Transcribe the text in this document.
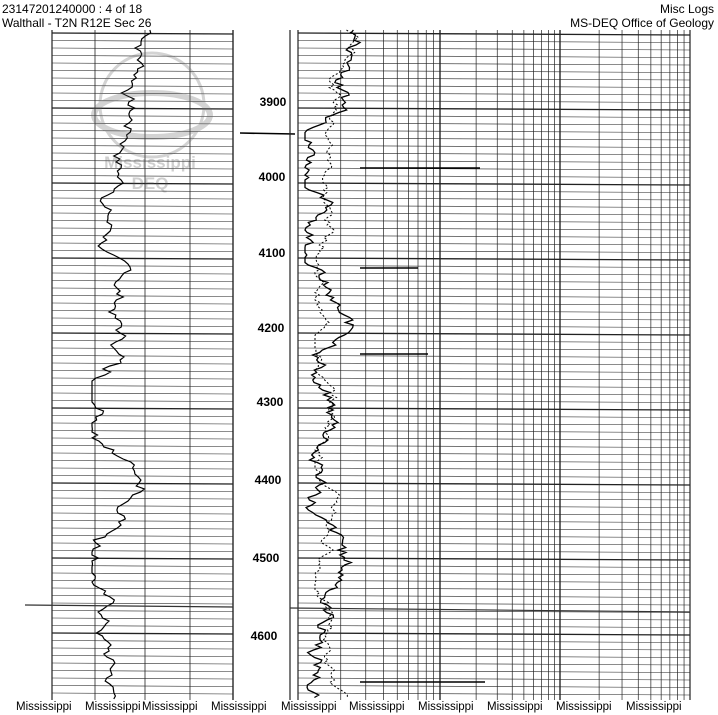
23147201240000 : 4 of 18
Walthall - T2N R12E Sec 26
Misc Logs
MS-DEQ Office of Geology
Mississippi
DEQ
3900
4000
4100
4200
4300
4400
4500
4600
Mississippi Mississippi Mississippi Mississippi Mississippi Mississippi Mississippi Mississippi Mississippi Mississippi
